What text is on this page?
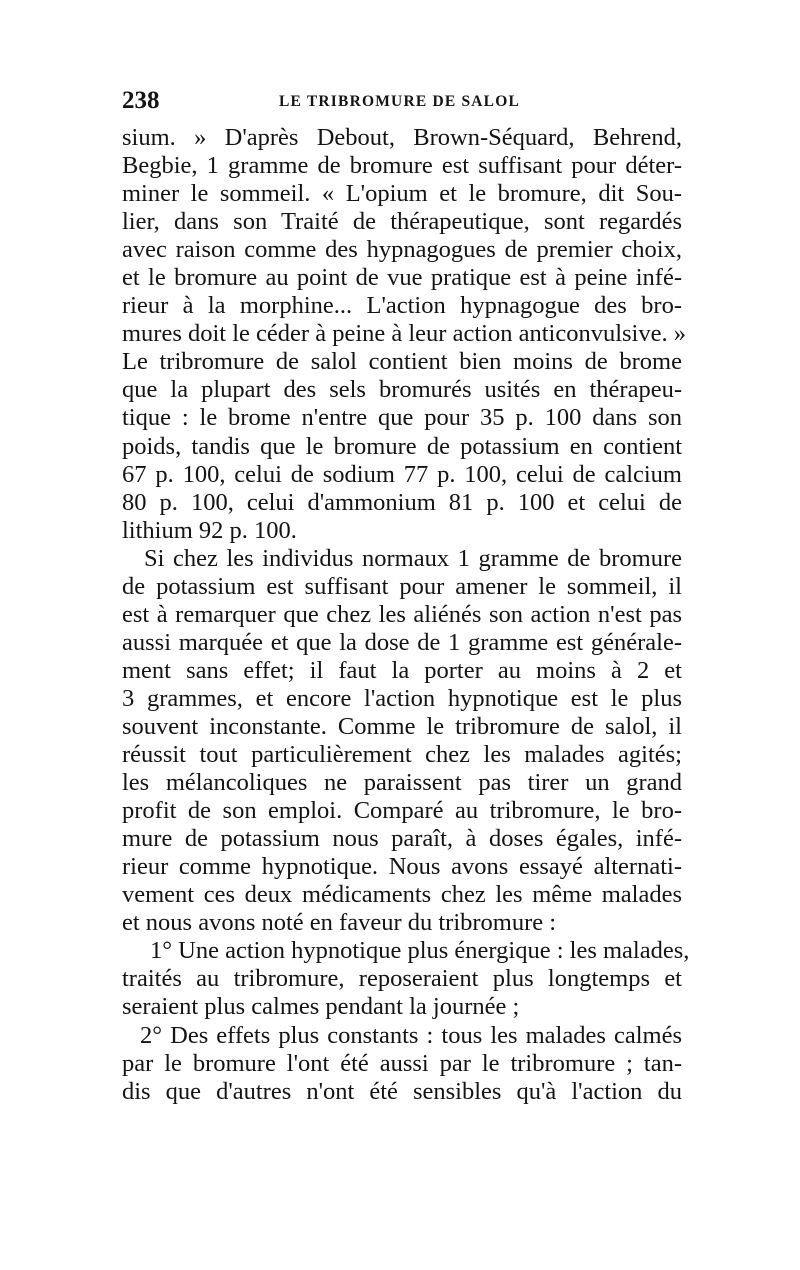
238	LE TRIBROMURE DE SALOL
sium. » D'après Debout, Brown-Séquard, Behrend,
Begbie, 1 gramme de bromure est suffisant pour déter-
miner le sommeil. « L'opium et le bromure, dit Sou-
lier, dans son Traité de thérapeutique, sont regardés
avec raison comme des hypnagogues de premier choix,
et le bromure au point de vue pratique est à peine infé-
rieur à la morphine... L'action hypnagogue des bro-
mures doit le céder à peine à leur action anticonvulsive. »
Le tribromure de salol contient bien moins de brome
que la plupart des sels bromurés usités en thérapeu-
tique : le brome n'entre que pour 35 p. 100 dans son
poids, tandis que le bromure de potassium en contient
67 p. 100, celui de sodium 77 p. 100, celui de calcium
80 p. 100, celui d'ammonium 81 p. 100 et celui de
lithium 92 p. 100.
Si chez les individus normaux 1 gramme de bromure
de potassium est suffisant pour amener le sommeil, il
est à remarquer que chez les aliénés son action n'est pas
aussi marquée et que la dose de 1 gramme est générale-
ment sans effet; il faut la porter au moins à 2 et
3 grammes, et encore l'action hypnotique est le plus
souvent inconstante. Comme le tribromure de salol, il
réussit tout particulièrement chez les malades agités;
les mélancoliques ne paraissent pas tirer un grand
profit de son emploi. Comparé au tribromure, le bro-
mure de potassium nous paraît, à doses égales, infé-
rieur comme hypnotique. Nous avons essayé alternati-
vement ces deux médicaments chez les même malades
et nous avons noté en faveur du tribromure :
1° Une action hypnotique plus énergique : les malades,
traités au tribromure, reposeraient plus longtemps et
seraient plus calmes pendant la journée ;
2° Des effets plus constants : tous les malades calmés
par le bromure l'ont été aussi par le tribromure ; tan-
dis que d'autres n'ont été sensibles qu'à l'action du
